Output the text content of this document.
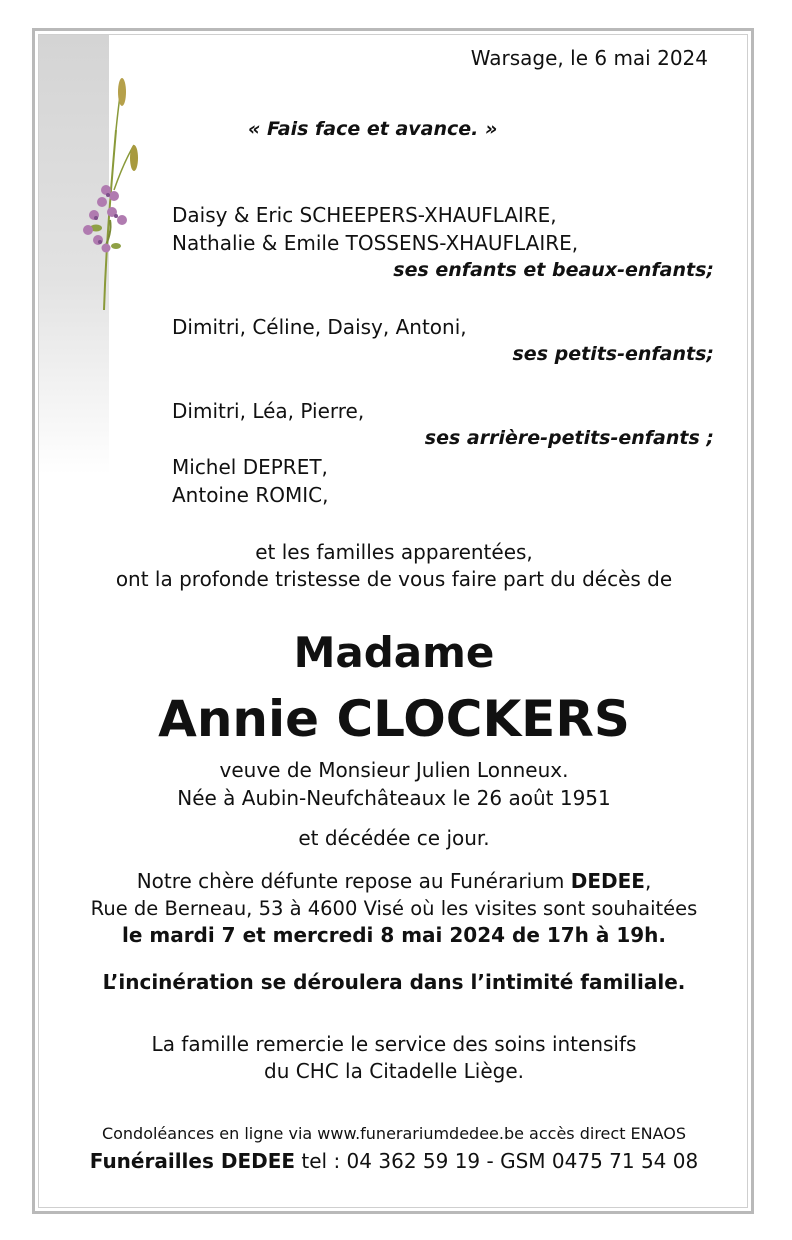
Warsage, le 6 mai 2024
« Fais face et avance. »
Daisy & Eric SCHEEPERS-XHAUFLAIRE,
Nathalie & Emile TOSSENS-XHAUFLAIRE,
ses enfants et beaux-enfants;
Dimitri, Céline, Daisy, Antoni,
ses petits-enfants;
Dimitri, Léa, Pierre,
ses arrière-petits-enfants ;
Michel DEPRET,
Antoine ROMIC,
et les familles apparentées,
ont la profonde tristesse de vous faire part du décès de
Madame
Annie CLOCKERS
veuve de Monsieur Julien Lonneux.
Née à Aubin-Neufchâteaux le 26 août 1951
et décédée ce jour.
Notre chère défunte repose au Funérarium DEDEE,
Rue de Berneau, 53 à 4600 Visé où les visites sont souhaitées
le mardi 7 et mercredi 8 mai 2024 de 17h à 19h.
L’incinération se déroulera dans l’intimité familiale.
La famille remercie le service des soins intensifs
du CHC la Citadelle Liège.
Condoléances en ligne via www.funerariumdedee.be accès direct ENAOS
Funérailles DEDEE tel : 04 362 59 19 - GSM 0475 71 54 08
